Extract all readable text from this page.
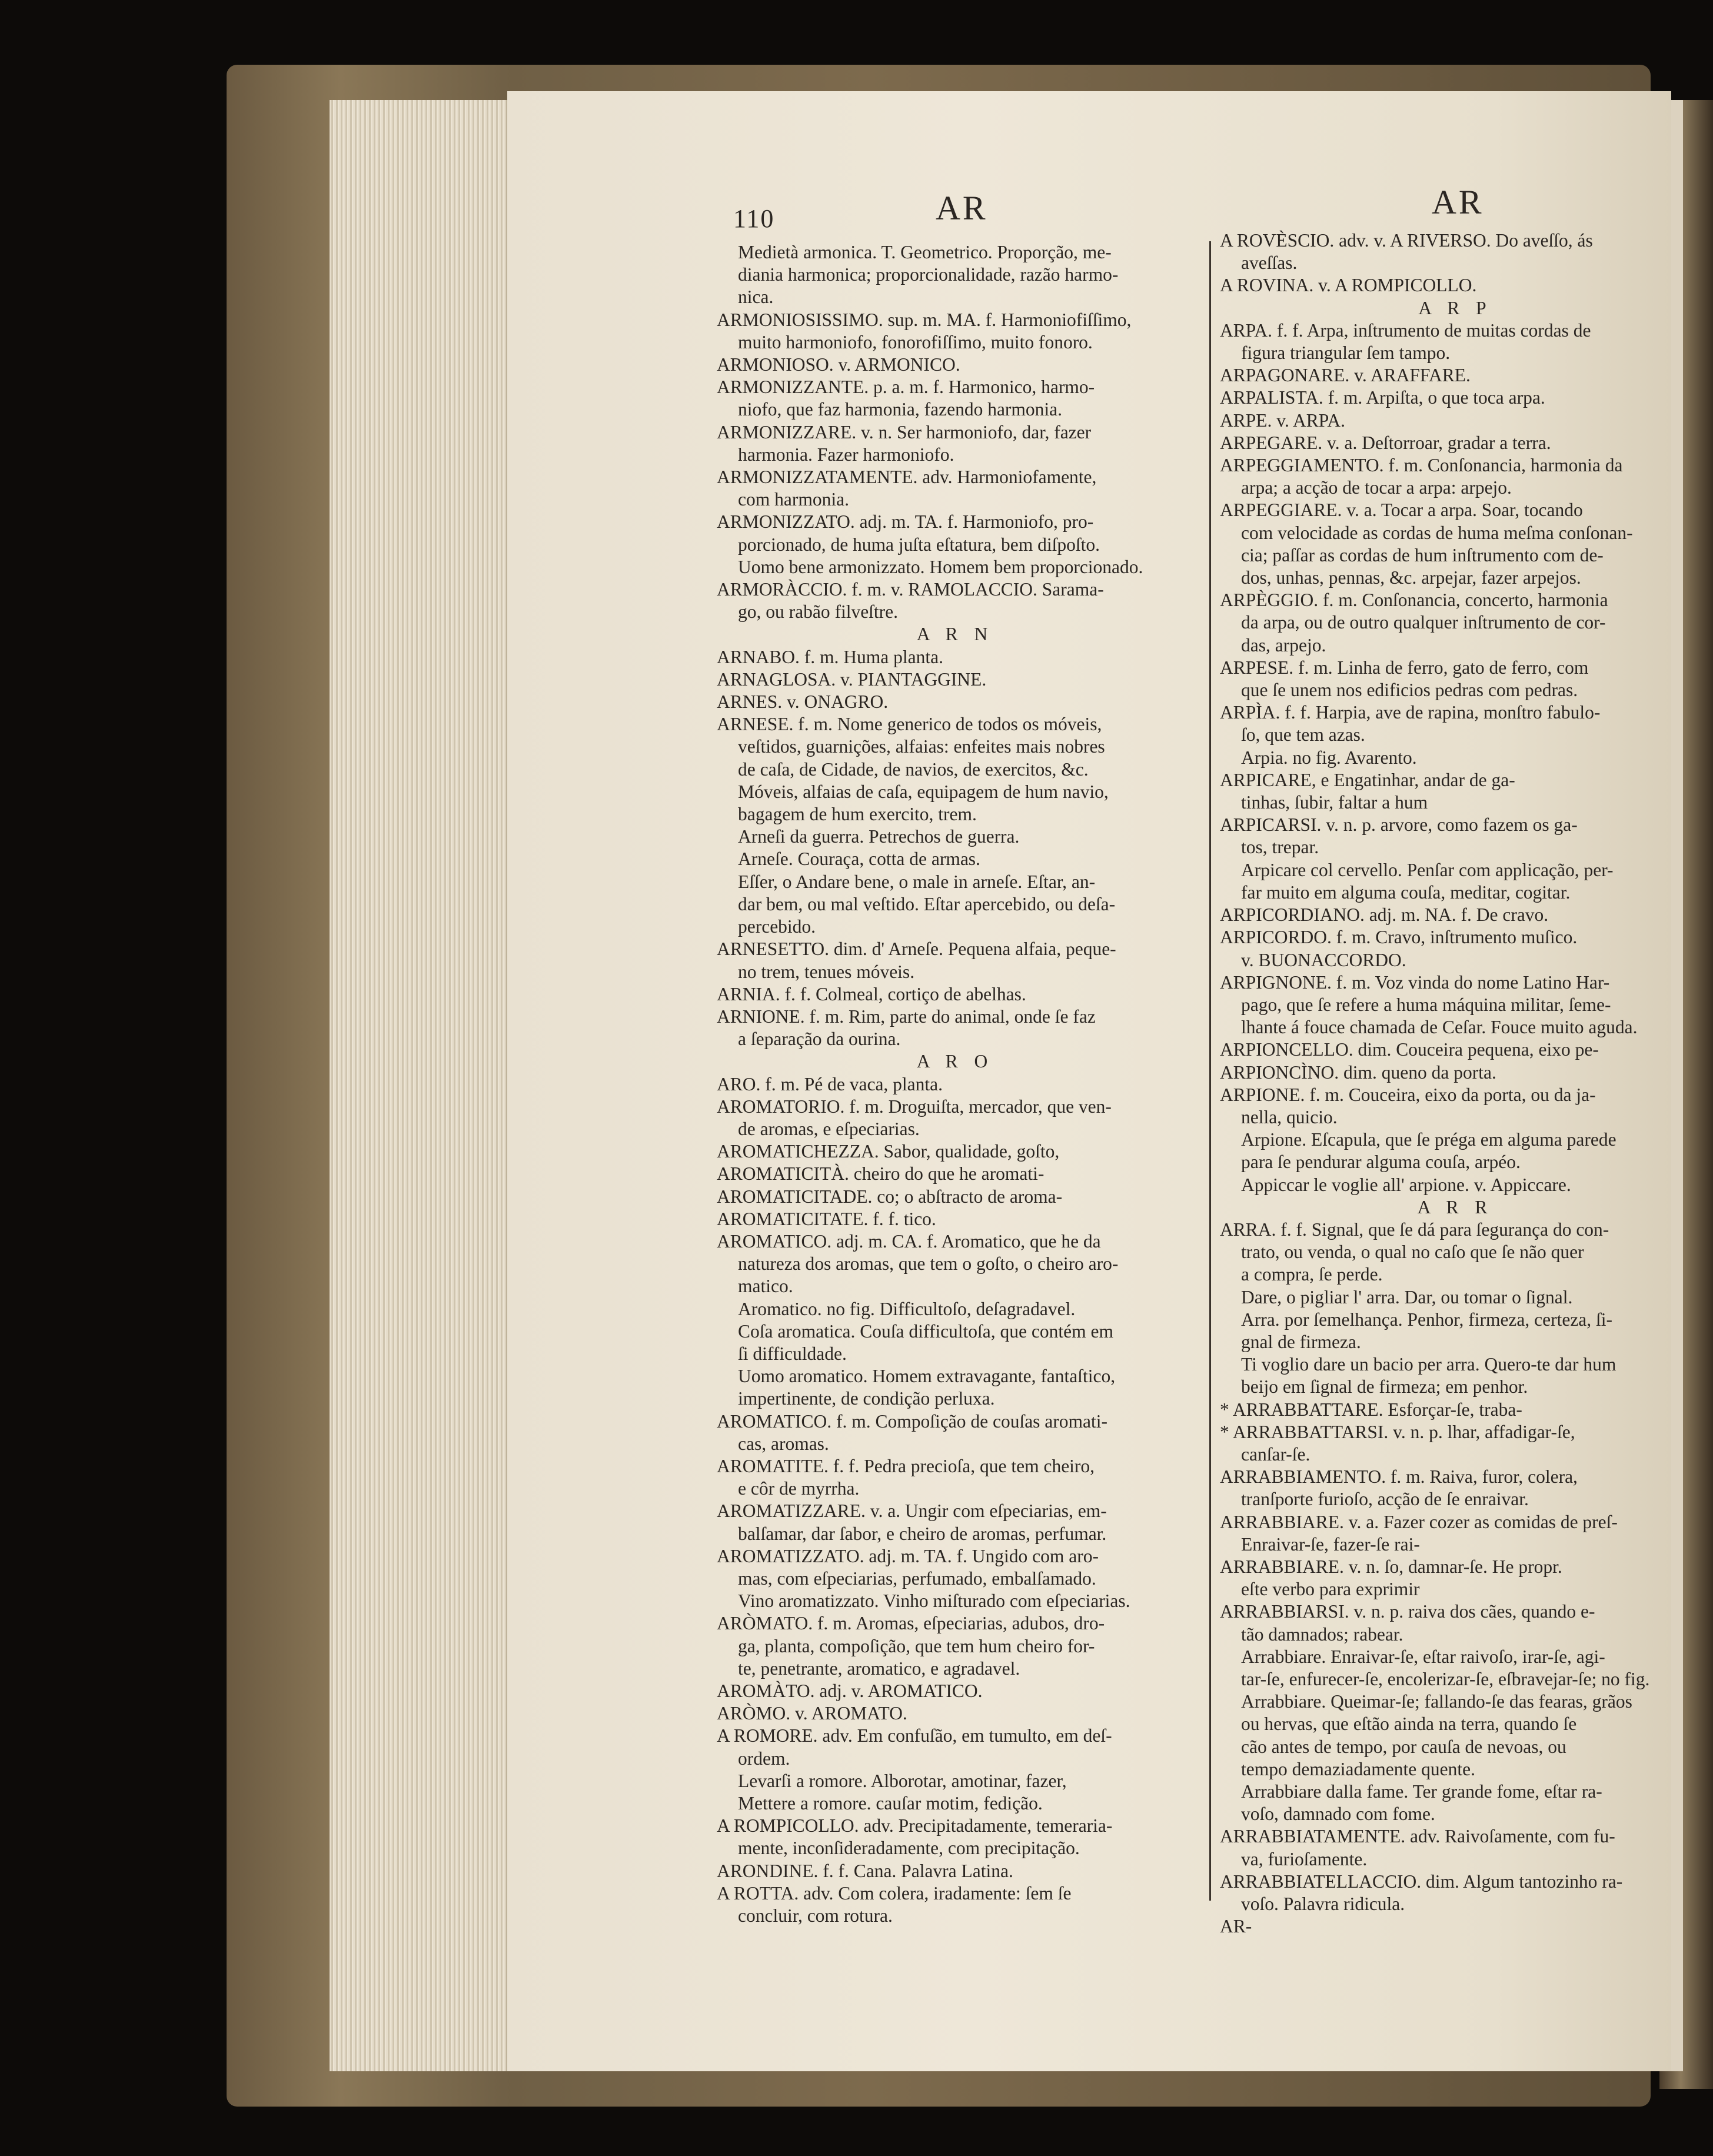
110	AR	AR
Medietà armonica. T. Geometrico. Proporção, me-
diania harmonica; proporcionalidade, razão harmo-
nica.
ARMONIOSISSIMO. sup. m. MA. f. Harmoniofiſſimo,
muito harmoniofo, fonorofiſſimo, muito fonoro.
ARMONIOSO. v. ARMONICO.
ARMONIZZANTE. p. a. m. f. Harmonico, harmo-
niofo, que faz harmonia, fazendo harmonia.
ARMONIZZARE. v. n. Ser harmoniofo, dar, fazer
harmonia. Fazer harmoniofo.
ARMONIZZATAMENTE. adv. Harmoniofamente,
com harmonia.
ARMONIZZATO. adj. m. TA. f. Harmoniofo, pro-
porcionado, de huma juſta eſtatura, bem diſpoſto.
Uomo bene armonizzato. Homem bem proporcionado.
ARMORÀCCIO. f. m. v. RAMOLACCIO. Sarama-
go, ou rabão filveſtre.
A R N
ARNABO. f. m. Huma planta.
ARNAGLOSA. v. PIANTAGGINE.
ARNES. v. ONAGRO.
ARNESE. f. m. Nome generico de todos os móveis,
veſtidos, guarnições, alfaias: enfeites mais nobres
de caſa, de Cidade, de navios, de exercitos, &c.
Móveis, alfaias de caſa, equipagem de hum navio,
bagagem de hum exercito, trem.
Arneſi da guerra. Petrechos de guerra.
Arneſe. Couraça, cotta de armas.
Eſſer, o Andare bene, o male in arneſe. Eſtar, an-
dar bem, ou mal veſtido. Eſtar apercebido, ou deſa-
percebido.
ARNESETTO. dim. d' Arneſe. Pequena alfaia, peque-
no trem, tenues móveis.
ARNIA. f. f. Colmeal, cortiço de abelhas.
ARNIONE. f. m. Rim, parte do animal, onde ſe faz
a ſeparação da ourina.
A R O
ARO. f. m. Pé de vaca, planta.
AROMATORIO. f. m. Droguiſta, mercador, que ven-
de aromas, e eſpeciarias.
AROMATICHEZZA. Sabor, qualidade, goſto,
AROMATICITÀ. cheiro do que he aromati-
AROMATICITADE. co; o abſtracto de aroma-
AROMATICITATE. f. f. tico.
AROMATICO. adj. m. CA. f. Aromatico, que he da
natureza dos aromas, que tem o goſto, o cheiro aro-
matico.
Aromatico. no fig. Difficultoſo, deſagradavel.
Coſa aromatica. Couſa difficultoſa, que contém em
ſi difficuldade.
Uomo aromatico. Homem extravagante, fantaſtico,
impertinente, de condição perluxa.
AROMATICO. f. m. Compoſição de couſas aromati-
cas, aromas.
AROMATITE. f. f. Pedra precioſa, que tem cheiro,
e côr de myrrha.
AROMATIZZARE. v. a. Ungir com eſpeciarias, em-
balſamar, dar ſabor, e cheiro de aromas, perfumar.
AROMATIZZATO. adj. m. TA. f. Ungido com aro-
mas, com eſpeciarias, perfumado, embalſamado.
Vino aromatizzato. Vinho miſturado com eſpeciarias.
ARÒMATO. f. m. Aromas, eſpeciarias, adubos, dro-
ga, planta, compoſição, que tem hum cheiro for-
te, penetrante, aromatico, e agradavel.
AROMÀTO. adj. v. AROMATICO.
ARÒMO. v. AROMATO.
A ROMORE. adv. Em confuſão, em tumulto, em deſ-
ordem.
Levarſi a romore. Alborotar, amotinar, fazer,
Mettere a romore. cauſar motim, fedição.
A ROMPICOLLO. adv. Precipitadamente, temeraria-
mente, inconſideradamente, com precipitação.
ARONDINE. f. f. Cana. Palavra Latina.
A ROTTA. adv. Com colera, iradamente: ſem ſe
concluir, com rotura.
A ROVÈSCIO. adv. v. A RIVERSO. Do aveſſo, ás
aveſſas.
A ROVINA. v. A ROMPICOLLO.
A R P
ARPA. f. f. Arpa, inſtrumento de muitas cordas de
figura triangular ſem tampo.
ARPAGONARE. v. ARAFFARE.
ARPALISTA. f. m. Arpiſta, o que toca arpa.
ARPE. v. ARPA.
ARPEGARE. v. a. Deſtorroar, gradar a terra.
ARPEGGIAMENTO. f. m. Conſonancia, harmonia da
arpa; a acção de tocar a arpa: arpejo.
ARPEGGIARE. v. a. Tocar a arpa. Soar, tocando
com velocidade as cordas de huma meſma conſonan-
cia; paſſar as cordas de hum inſtrumento com de-
dos, unhas, pennas, &c. arpejar, fazer arpejos.
ARPÈGGIO. f. m. Conſonancia, concerto, harmonia
da arpa, ou de outro qualquer inſtrumento de cor-
das, arpejo.
ARPESE. f. m. Linha de ferro, gato de ferro, com
que ſe unem nos edificios pedras com pedras.
ARPÌA. f. f. Harpia, ave de rapina, monſtro fabulo-
ſo, que tem azas.
Arpia. no fig. Avarento.
ARPICARE, e Engatinhar, andar de ga-
tinhas, ſubir, faltar a hum
ARPICARSI. v. n. p. arvore, como fazem os ga-
tos, trepar.
Arpicare col cervello. Penſar com applicação, per-
far muito em alguma couſa, meditar, cogitar.
ARPICORDIANO. adj. m. NA. f. De cravo.
ARPICORDO. f. m. Cravo, inſtrumento muſico.
v. BUONACCORDO.
ARPIGNONE. f. m. Voz vinda do nome Latino Har-
pago, que ſe refere a huma máquina militar, ſeme-
lhante á fouce chamada de Ceſar. Fouce muito aguda.
ARPIONCELLO. dim. Couceira pequena, eixo pe-
ARPIONCÌNO. dim. queno da porta.
ARPIONE. f. m. Couceira, eixo da porta, ou da ja-
nella, quicio.
Arpione. Eſcapula, que ſe préga em alguma parede
para ſe pendurar alguma couſa, arpéo.
Appiccar le voglie all' arpione. v. Appiccare.
A R R
ARRA. f. f. Signal, que ſe dá para ſegurança do con-
trato, ou venda, o qual no caſo que ſe não quer
a compra, ſe perde.
Dare, o pigliar l' arra. Dar, ou tomar o ſignal.
Arra. por ſemelhança. Penhor, firmeza, certeza, ſi-
gnal de firmeza.
Ti voglio dare un bacio per arra. Quero-te dar hum
beijo em ſignal de firmeza; em penhor.
* ARRABBATTARE. Esforçar-ſe, traba-
* ARRABBATTARSI. v. n. p. lhar, affadigar-ſe,
canſar-ſe.
ARRABBIAMENTO. f. m. Raiva, furor, colera,
tranſporte furioſo, acção de ſe enraivar.
ARRABBIARE. v. a. Fazer cozer as comidas de preſ-
Enraivar-ſe, fazer-ſe rai-
ARRABBIARE. v. n. ſo, damnar-ſe. He propr.
eſte verbo para exprimir
ARRABBIARSI. v. n. p. raiva dos cães, quando e-
tão damnados; rabear.
Arrabbiare. Enraivar-ſe, eſtar raivoſo, irar-ſe, agi-
tar-ſe, enfurecer-ſe, encolerizar-ſe, eſbravejar-ſe; no fig.
Arrabbiare. Queimar-ſe; fallando-ſe das fearas, grãos
ou hervas, que eſtão ainda na terra, quando ſe
cão antes de tempo, por cauſa de nevoas, ou
tempo demaziadamente quente.
Arrabbiare dalla fame. Ter grande fome, eſtar ra-
voſo, damnado com fome.
ARRABBIATAMENTE. adv. Raivoſamente, com fu-
va, furioſamente.
ARRABBIATELLACCIO. dim. Algum tantozinho ra-
voſo. Palavra ridicula.
AR-
